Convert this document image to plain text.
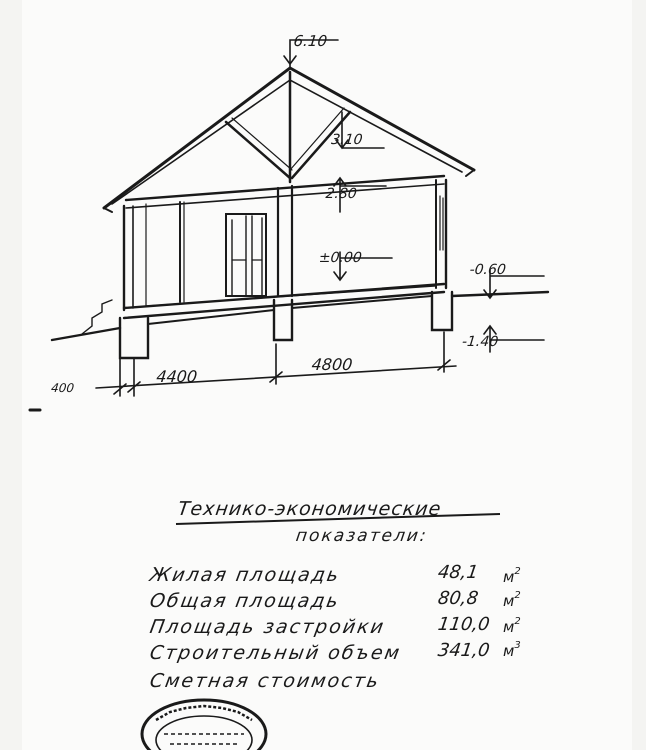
6.10
3.10
2.80
±0.00
-0.60
-1.40
400
4400
4800
Технико-экономические
показатели:
Жилая площадь	48,1 $м^2$
Общая площадь	80,8 $м^2$
Площадь застройки	110,0 $м^2$
Строительный объем 341,0 $м^3$
Сметная стоимость
